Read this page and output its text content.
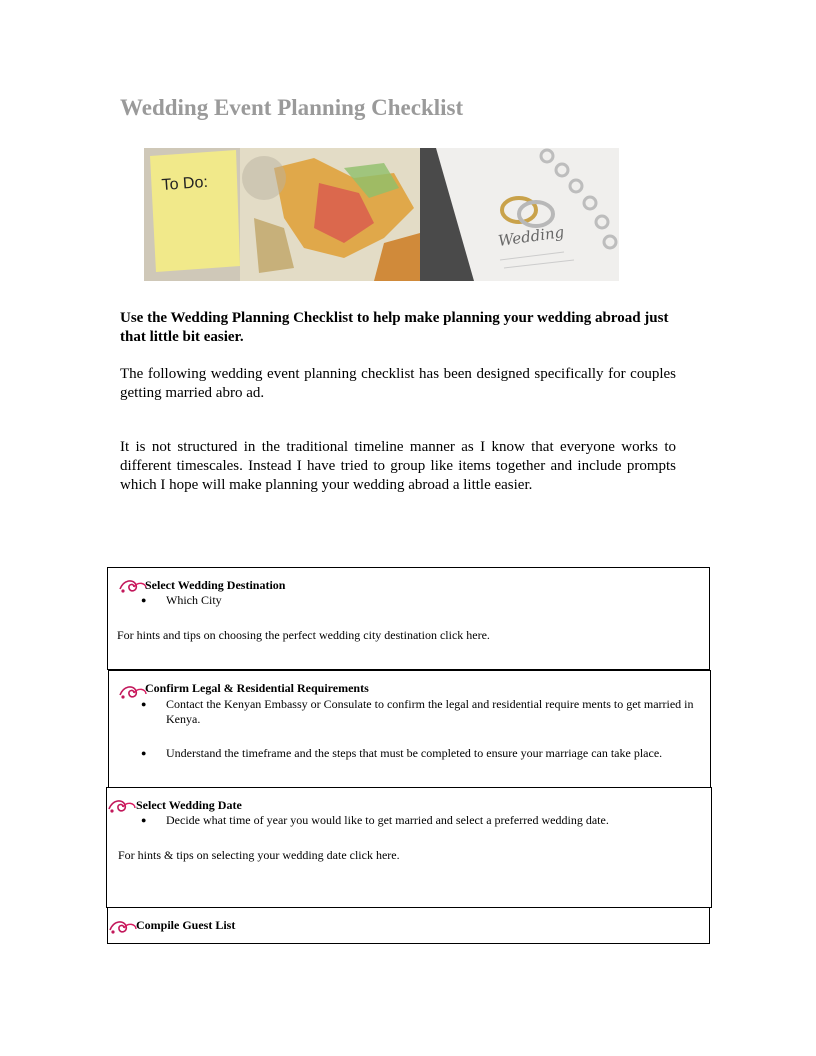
Wedding Event Planning Checklist
To Do:
Wedding

Use the Wedding Planning Checklist to help make planning your wedding abroad just that little bit easier.

The following wedding event planning checklist has been designed specifically for couples getting married abro ad.

It is not structured in the traditional timeline manner as I know that everyone works to different timescales. Instead I have tried to group like items together and include prompts which I hope will make planning your wedding abroad a little easier.

Select Wedding Destination
● Which City
For hints and tips on choosing the perfect wedding city destination click here.
Confirm Legal & Residential Requirements
● Contact the Kenyan Embassy or Consulate to confirm the legal and residential require ments to get married in Kenya.
● Understand the timeframe and the steps that must be completed to ensure your marriage can take place.
Select Wedding Date
● Decide what time of year you would like to get married and select a preferred wedding date.
For hints & tips on selecting your wedding date click here.
Compile Guest List
